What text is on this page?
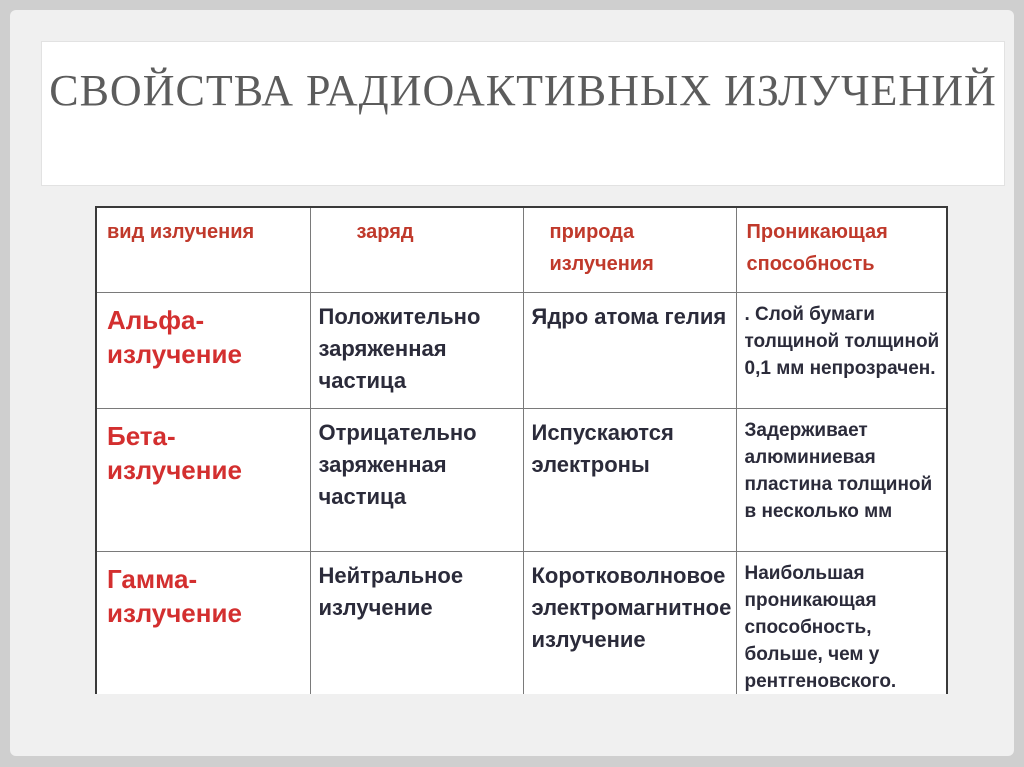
СВОЙСТВА РАДИОАКТИВНЫХ ИЗЛУЧЕНИЙ
вид излучения	заряд	природа излучения	Проникающая способность
Альфа-излучение	Положительно заряженная частица	Ядро атома гелия	. Слой бумаги толщиной толщиной 0,1 мм непрозрачен.
Бета-излучение	Отрицательно заряженная частица	Испускаются электроны	Задерживает алюминиевая пластина толщиной в несколько мм
Гамма-излучение	Нейтральное излучение	Коротковолновое электромагнитное излучение	Наибольшая проникающая способность, больше, чем у рентгеновского.
